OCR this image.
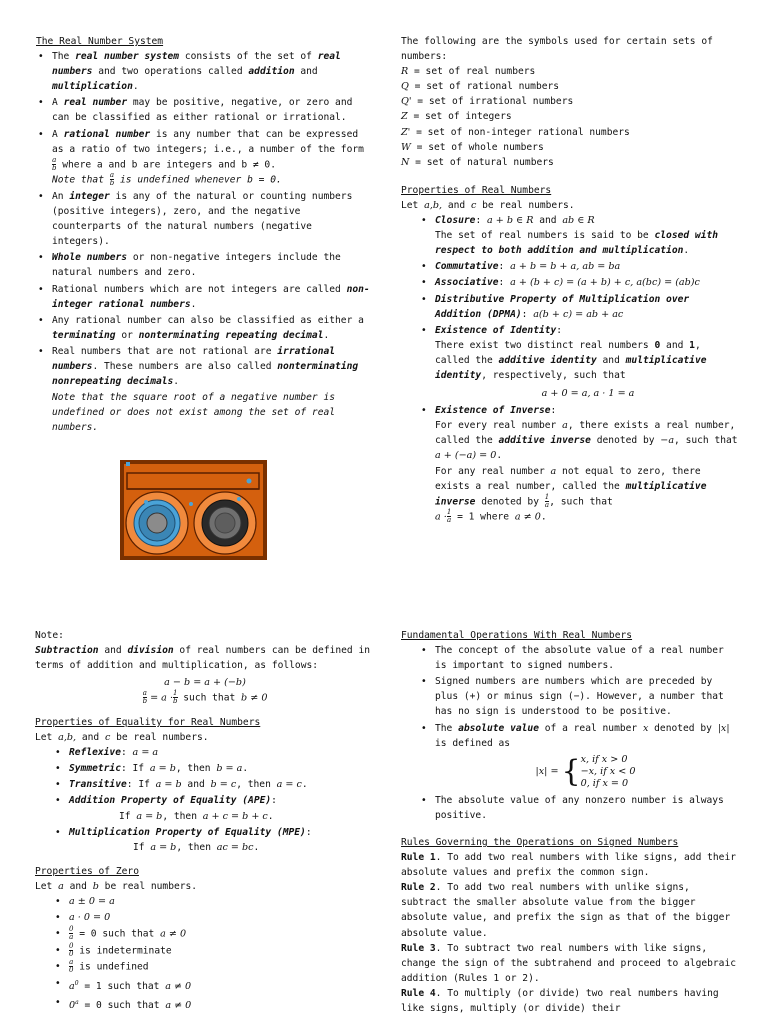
The Real Number System

• The real number system consists of the set of real numbers and two operations called addition and multiplication.
• A real number may be positive, negative, or zero and can be classified as either rational or irrational.
• A rational number is any number that can be expressed as a ratio of two integers; i.e., a number of the form
$\frac{a}{b}$ where a and b are integers and b ≠ 0.
Note that $\frac{a}{b}$ is undefined whenever b = 0.
• An integer is any of the natural or counting numbers (positive integers), zero, and the negative counterparts of the natural numbers (negative integers).
• Whole numbers or non-negative integers include the natural numbers and zero.
• Rational numbers which are not integers are called non-integer rational numbers.
• Any rational number can also be classified as either a terminating or nonterminating repeating decimal.
• Real numbers that are not rational are irrational numbers. These numbers are also called nonterminating nonrepeating decimals.

Note that the square root of a negative number is undefined or does not exist among the set of real numbers.

The following are the symbols used for certain sets of numbers:

R = set of real numbers

Q = set of rational numbers

Q' = set of irrational numbers

Z = set of integers

Z' = set of non-integer rational numbers

W = set of whole numbers

N = set of natural numbers

Properties of Real Numbers

Let a,b, and c be real numbers.

• Closure: a + b ∈ R and ab ∈ R
The set of real numbers is said to be closed with respect to both addition and multiplication.
• Commutative: a + b = b + a, ab = ba
• Associative: a + (b + c) = (a + b) + c, a(bc) = (ab)c
• Distributive Property of Multiplication over Addition (DPMA): a(b + c) = ab + ac
• Existence of Identity:
There exist two distinct real numbers 0 and 1, called the additive identity and multiplicative identity, respectively, such that
a + 0 = a, a · 1 = a
• Existence of Inverse:
For every real number a, there exists a real number, called the additive inverse denoted by −a, such that a + (−a) = 0.
For any real number a not equal to zero, there exists a real number, called the multiplicative inverse denoted by $\frac{1}{a}$ , such that
$a \cdot \frac{1}{a} = 1$ where a ≠ 0.

Note:

Subtraction and division of real numbers can be defined in terms of addition and multiplication, as follows:

a − b = a + (−b)

$\frac{a}{b} = a \cdot \frac{1}{b}$ such that b ≠ 0

Properties of Equality for Real Numbers

Let a,b, and c be real numbers.

• Reflexive: a = a
• Symmetric: If a = b, then b = a.
• Transitive: If a = b and b = c, then a = c.
• Addition Property of Equality (APE):
If a = b, then a + c = b + c.
• Multiplication Property of Equality (MPE):
If a = b, then ac = bc.

Properties of Zero

Let a and b be real numbers.

• a ± 0 = a
• a · 0 = 0
• $\frac{0}{a} = 0$ such that a ≠ 0
• $\frac{0}{0}$ is indeterminate
• $\frac{a}{0}$ is undefined
• $a^0 = 1$ such that a ≠ 0
• $0^a = 0$ such that a ≠ 0

Fundamental Operations With Real Numbers

• The concept of the absolute value of a real number is important to signed numbers.
• Signed numbers are numbers which are preceded by plus (+) or minus sign (−). However, a number that has no sign is understood to be positive.
• The absolute value of a real number x denoted by |x| is defined as
|x| = { x, if x > 0
−x, if x < 0
0, if x = 0
• The absolute value of any nonzero number is always positive.

Rules Governing the Operations on Signed Numbers

Rule 1. To add two real numbers with like signs, add their absolute values and prefix the common sign.

Rule 2. To add two real numbers with unlike signs, subtract the smaller absolute value from the bigger absolute value, and prefix the sign as that of the bigger absolute value.

Rule 3. To subtract two real numbers with like signs, change the sign of the subtrahend and proceed to algebraic addition (Rules 1 or 2).

Rule 4. To multiply (or divide) two real numbers having like signs, multiply (or divide) their
